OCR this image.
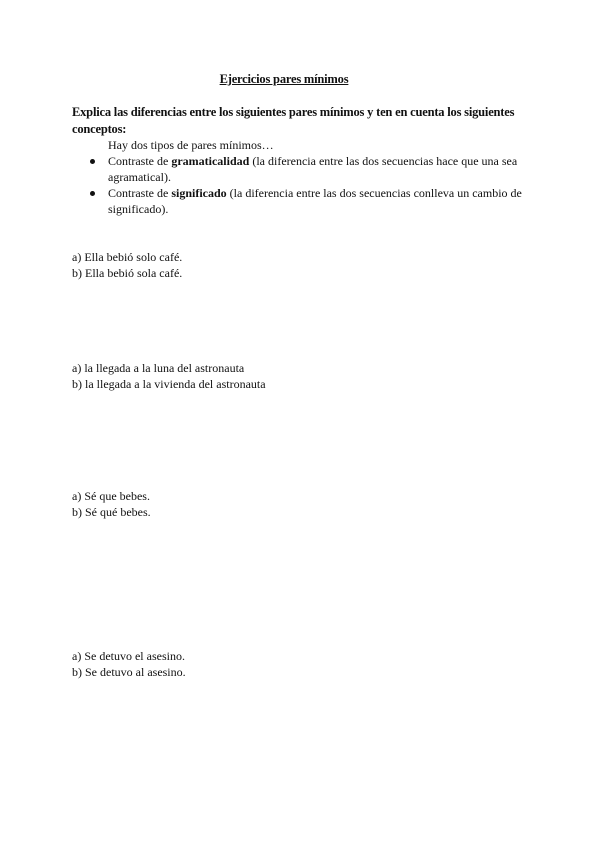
Ejercicios pares mínimos
Explica las diferencias entre los siguientes pares mínimos y ten en cuenta los siguientes conceptos:
Hay dos tipos de pares mínimos…
Contraste de gramaticalidad (la diferencia entre las dos secuencias hace que una sea agramatical).
Contraste de significado (la diferencia entre las dos secuencias conlleva un cambio de significado).
a) Ella bebió solo café.
b) Ella bebió sola café.
a) la llegada a la luna del astronauta
b) la llegada a la vivienda del astronauta
a) Sé que bebes.
b) Sé qué bebes.
a) Se detuvo el asesino.
b) Se detuvo al asesino.
